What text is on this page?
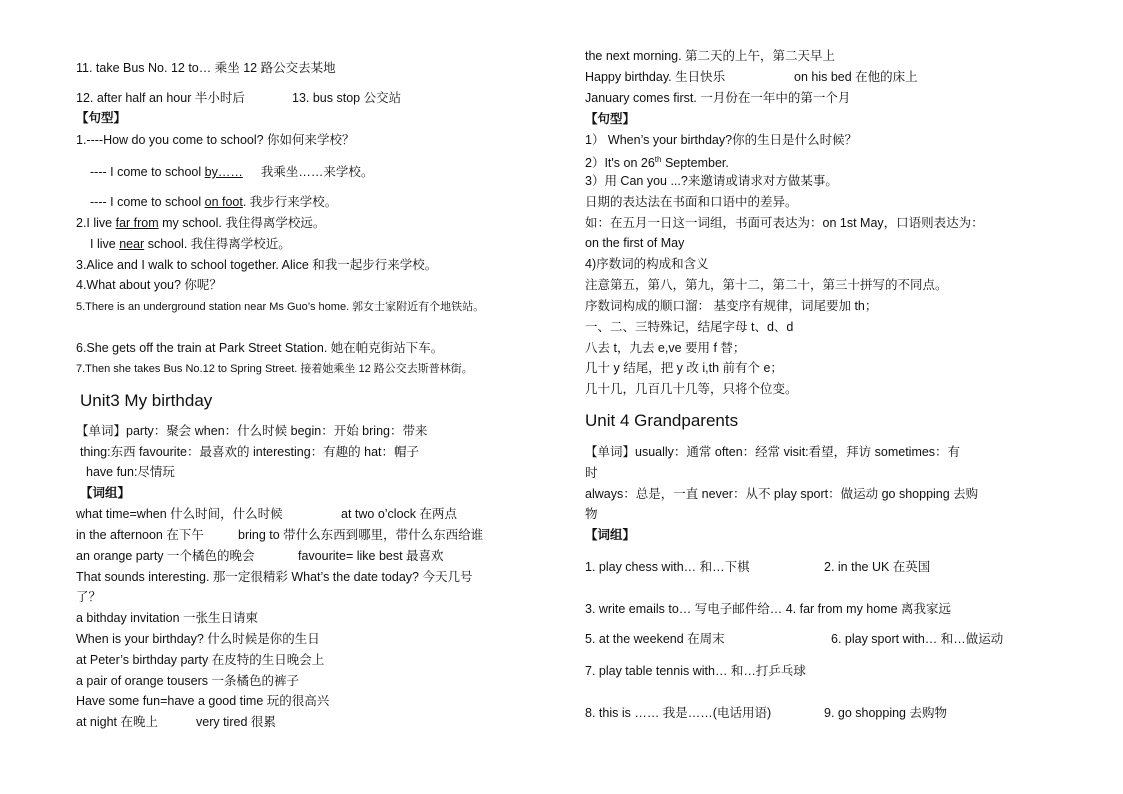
11. take Bus No. 12 to… 乘坐 12 路公交去某地
12. after half an hour 半小时后	13. bus stop 公交站
【句型】
1.----How do you come to school? 你如何来学校？
---- I come to school by…… 我乘坐……来学校。
---- I come to school on foot. 我步行来学校。
2.I live far from my school. 我住得离学校远。
I live near school. 我住得离学校近。
3.Alice and I walk to school together. Alice 和我一起步行来学校。
4.What about you? 你呢？
5.There is an underground station near Ms Guo’s home. 郭女士家附近有个地铁站。
6.She gets off the train at Park Street Station. 她在帕克街站下车。
7.Then she takes Bus No.12 to Spring Street. 接着她乘坐 12 路公交去斯普林街。
Unit3 My birthday
【单词】party：聚会 when：什么时候 begin：开始 bring：带来
thing:东西 favourite：最喜欢的 interesting：有趣的 hat：帽子
have fun:尽情玩
【词组】
what time=when 什么时间，什么时候	at two o’clock 在两点
in the afternoon 在下午	bring to 带什么东西到哪里，带什么东西给谁
an orange party 一个橘色的晚会	favourite= like best 最喜欢
That sounds interesting. 那一定很精彩 What’s the date today? 今天几号
了？
a bithday invitation 一张生日请柬
When is your birthday? 什么时候是你的生日
at Peter’s birthday party 在皮特的生日晚会上
a pair of orange tousers 一条橘色的裤子
Have some fun=have a good time 玩的很高兴
at night 在晚上	very tired 很累
the next morning. 第二天的上午，第二天早上
Happy birthday. 生日快乐	on his bed 在他的床上
January comes first. 一月份在一年中的第一个月
【句型】
1） When’s your birthday?你的生日是什么时候？
2）It's on 26th September.
3）用 Can you ...?来邀请或请求对方做某事。
日期的表达法在书面和口语中的差异。
如：在五月一日这一词组，书面可表达为：on 1st May，口语则表达为：
on the first of May
4)序数词的构成和含义
注意第五，第八，第九，第十二，第二十，第三十拼写的不同点。
序数词构成的顺口溜： 基变序有规律，词尾要加 th；
一、二、三特殊记，结尾字母 t、d、d
八去 t，九去 e,ve 要用 f 替；
几十 y 结尾，把 y 改 i,th 前有个 e；
几十几，几百几十几等，只将个位变。
Unit 4 Grandparents
【单词】usually：通常 often：经常 visit:看望，拜访 sometimes：有
时
always：总是，一直 never：从不 play sport：做运动 go shopping 去购
物
【词组】
1. play chess with… 和…下棋	2. in the UK 在英国
3. write emails to… 写电子邮件给… 4. far from my home 离我家远
5. at the weekend 在周末	6. play sport with… 和…做运动
7. play table tennis with… 和…打乒乓球
8. this is …… 我是……(电话用语)	9. go shopping 去购物
